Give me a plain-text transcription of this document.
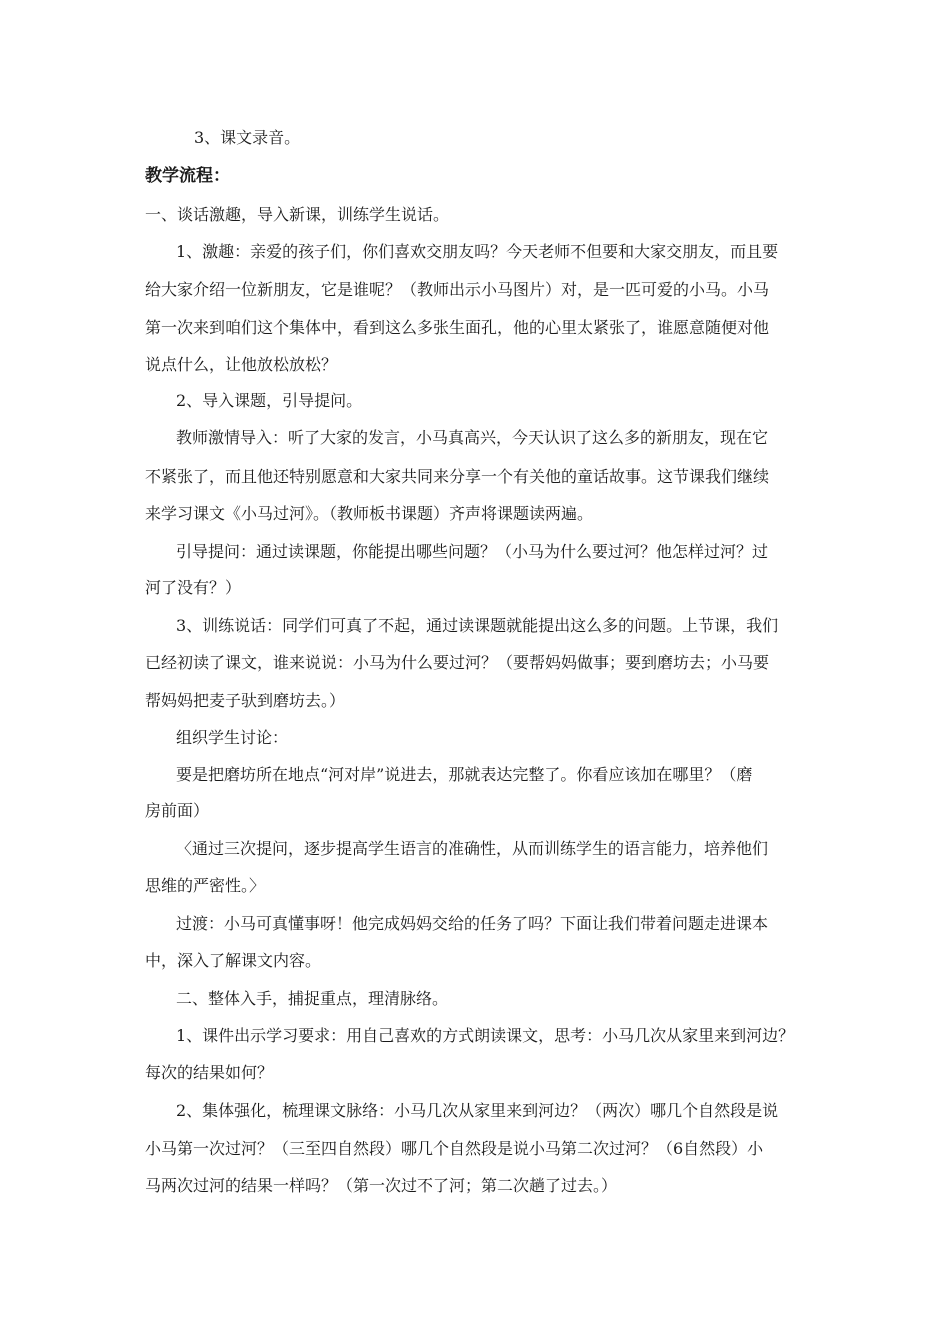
3、课文录音。
教学流程：
一、谈话激趣，导入新课，训练学生说话。
1、激趣：亲爱的孩子们，你们喜欢交朋友吗？今天老师不但要和大家交朋友，而且要
给大家介绍一位新朋友，它是谁呢？（教师出示小马图片）对，是一匹可爱的小马。小马
第一次来到咱们这个集体中，看到这么多张生面孔，他的心里太紧张了，谁愿意随便对他
说点什么，让他放松放松？
2、导入课题，引导提问。
教师激情导入：听了大家的发言，小马真高兴，今天认识了这么多的新朋友，现在它
不紧张了，而且他还特别愿意和大家共同来分享一个有关他的童话故事。这节课我们继续
来学习课文《小马过河》。（教师板书课题）齐声将课题读两遍。
引导提问：通过读课题，你能提出哪些问题？（小马为什么要过河？他怎样过河？过
河了没有？）
3、训练说话：同学们可真了不起，通过读课题就能提出这么多的问题。上节课，我们
已经初读了课文，谁来说说：小马为什么要过河？（要帮妈妈做事；要到磨坊去；小马要
帮妈妈把麦子驮到磨坊去。）
组织学生讨论：
要是把磨坊所在地点“河对岸”说进去，那就表达完整了。你看应该加在哪里？（磨
房前面）
〈通过三次提问，逐步提高学生语言的准确性，从而训练学生的语言能力，培养他们
思维的严密性。〉
过渡：小马可真懂事呀！他完成妈妈交给的任务了吗？下面让我们带着问题走进课本
中，深入了解课文内容。
二、整体入手，捕捉重点，理清脉络。
1、课件出示学习要求：用自己喜欢的方式朗读课文，思考：小马几次从家里来到河边？
每次的结果如何？
2、集体强化，梳理课文脉络：小马几次从家里来到河边？（两次）哪几个自然段是说
小马第一次过河？（三至四自然段）哪几个自然段是说小马第二次过河？（6自然段）小
马两次过河的结果一样吗？（第一次过不了河；第二次趟了过去。）
